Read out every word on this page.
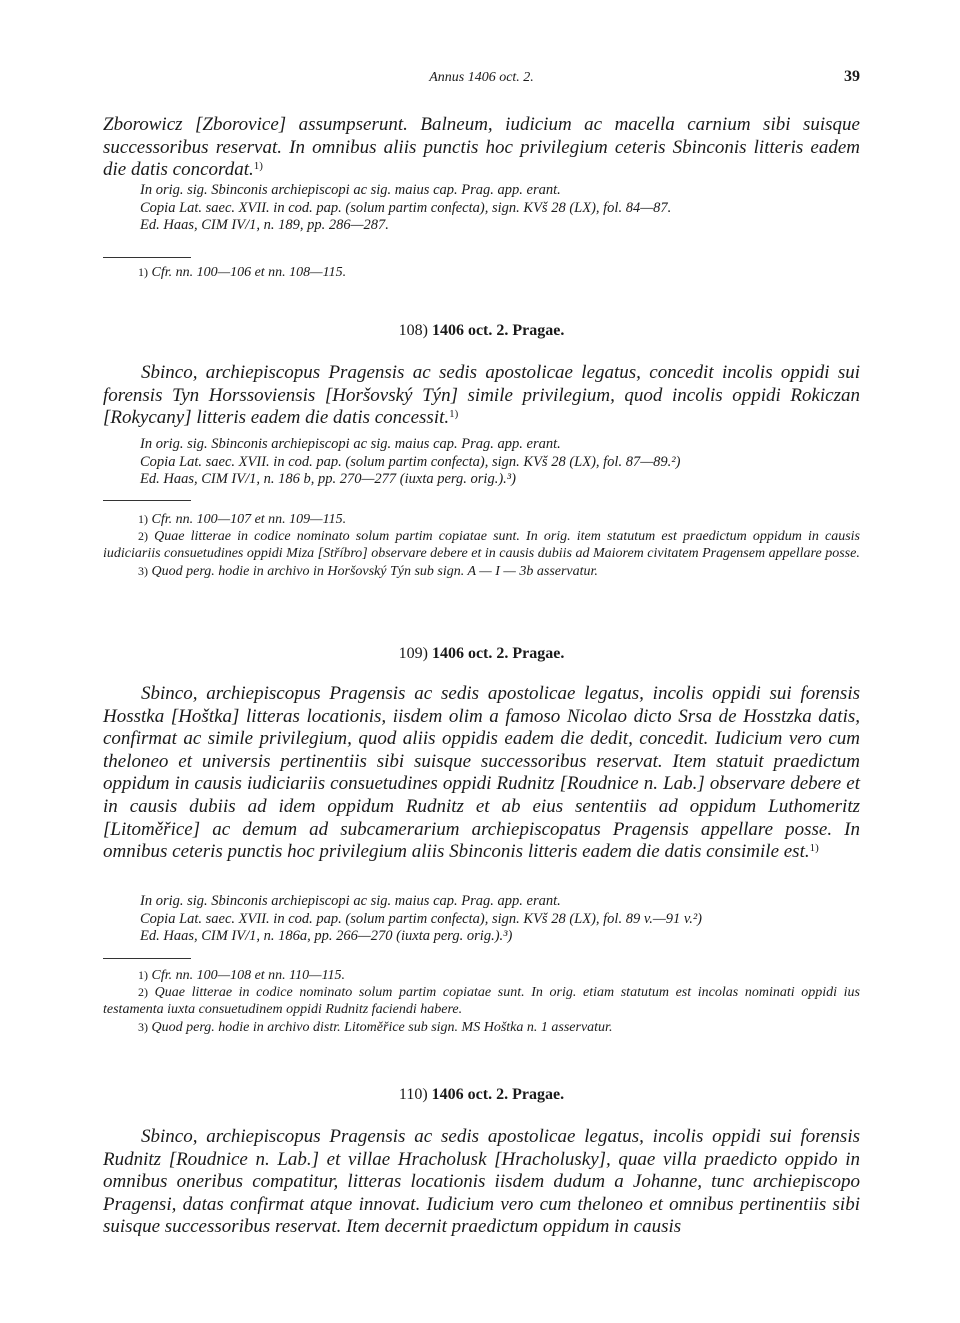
Annus 1406 oct. 2.	39

Zborowicz [Zborovice] assumpserunt. Balneum, iudicium ac macella carnium sibi suisque successoribus reservat. In omnibus aliis punctis hoc privilegium ceteris Sbinconis litteris eadem die datis concordat.$^{1)}$

In orig. sig. Sbinconis archiepiscopi ac sig. maius cap. Prag. app. erant.
Copia Lat. saec. XVII. in cod. pap. (solum partim confecta), sign. KVš 28 (LX), fol. 84—87.
Ed. Haas, CIM IV/1, n. 189, pp. 286—287.
1) Cfr. nn. 100—106 et nn. 108—115.
108) 1406 oct. 2. Pragae.

Sbinco, archiepiscopus Pragensis ac sedis apostolicae legatus, concedit incolis oppidi sui forensis Tyn Horssoviensis [Horšovský Týn] simile privilegium, quod incolis oppidi Rokiczan [Rokycany] litteris eadem die datis concessit.$^{1)}$

In orig. sig. Sbinconis archiepiscopi ac sig. maius cap. Prag. app. erant.
Copia Lat. saec. XVII. in cod. pap. (solum partim confecta), sign. KVš 28 (LX), fol. 87—89.²)
Ed. Haas, CIM IV/1, n. 186 b, pp. 270—277 (iuxta perg. orig.).³)
1) Cfr. nn. 100—107 et nn. 109—115.
2) Quae litterae in codice nominato solum partim copiatae sunt. In orig. item statutum est praedictum oppidum in causis iudiciariis consuetudines oppidi Miza [Stříbro] observare debere et in causis dubiis ad Maiorem civitatem Pragensem appellare posse.
3) Quod perg. hodie in archivo in Horšovský Týn sub sign. A — I — 3b asservatur.
109) 1406 oct. 2. Pragae.

Sbinco, archiepiscopus Pragensis ac sedis apostolicae legatus, incolis oppidi sui forensis Hosstka [Hoštka] litteras locationis, iisdem olim a famoso Nicolao dicto Srsa de Hosstzka datis, confirmat ac simile privilegium, quod aliis oppidis eadem die dedit, concedit. Iudicium vero cum theloneo et universis pertinentiis sibi suisque successoribus reservat. Item statuit praedictum oppidum in causis iudiciariis consuetudines oppidi Rudnitz [Roudnice n. Lab.] observare debere et in causis dubiis ad idem oppidum Rudnitz et ab eius sententiis ad oppidum Luthomeritz [Litoměřice] ac demum ad subcamerarium archiepiscopatus Pragensis appellare posse. In omnibus ceteris punctis hoc privilegium aliis Sbinconis litteris eadem die datis consimile est.$^{1)}$

In orig. sig. Sbinconis archiepiscopi ac sig. maius cap. Prag. app. erant.
Copia Lat. saec. XVII. in cod. pap. (solum partim confecta), sign. KVš 28 (LX), fol. 89 v.—91 v.²)
Ed. Haas, CIM IV/1, n. 186a, pp. 266—270 (iuxta perg. orig.).³)
1) Cfr. nn. 100—108 et nn. 110—115.
2) Quae litterae in codice nominato solum partim copiatae sunt. In orig. etiam statutum est incolas nominati oppidi ius testamenta iuxta consuetudinem oppidi Rudnitz faciendi habere.
3) Quod perg. hodie in archivo distr. Litoměřice sub sign. MS Hoštka n. 1 asservatur.
110) 1406 oct. 2. Pragae.

Sbinco, archiepiscopus Pragensis ac sedis apostolicae legatus, incolis oppidi sui forensis Rudnitz [Roudnice n. Lab.] et villae Hracholusk [Hracholusky], quae villa praedicto oppido in omnibus oneribus compatitur, litteras locationis iisdem dudum a Johanne, tunc archiepiscopo Pragensi, datas confirmat atque innovat. Iudicium vero cum theloneo et omnibus pertinentiis sibi suisque successoribus reservat. Item decernit praedictum oppidum in causis
